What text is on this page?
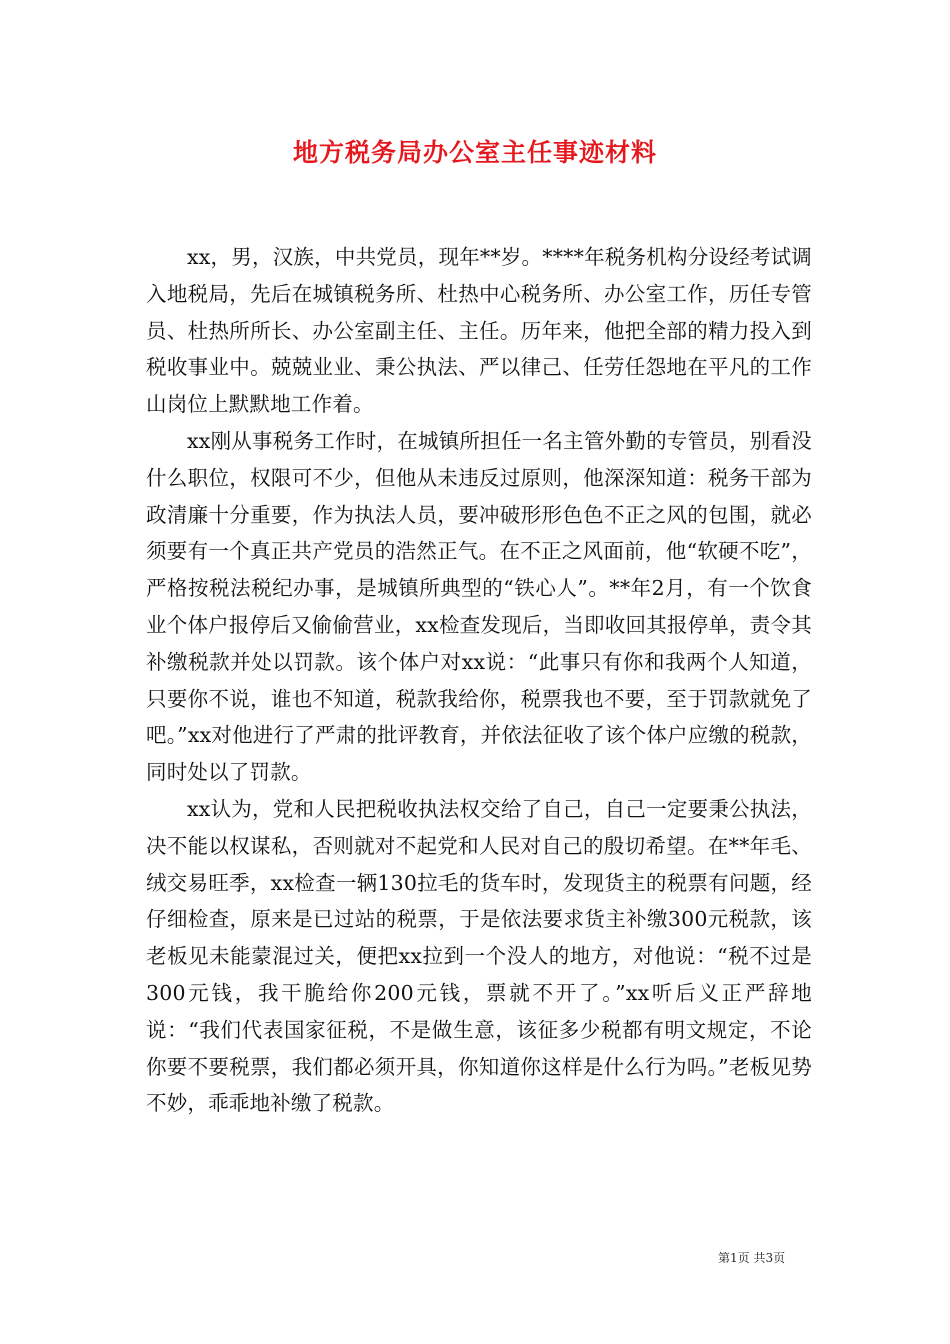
地方税务局办公室主任事迹材料

xx，男，汉族，中共党员，现年**岁。****年税务机构分设经考试调入地税局，先后在城镇税务所、杜热中心税务所、办公室工作，历任专管员、杜热所所长、办公室副主任、主任。历年来，他把全部的精力投入到税收事业中。兢兢业业、秉公执法、严以律己、任劳任怨地在平凡的工作山岗位上默默地工作着。

xx刚从事税务工作时，在城镇所担任一名主管外勤的专管员，别看没什么职位，权限可不少，但他从未违反过原则，他深深知道：税务干部为政清廉十分重要，作为执法人员，要冲破形形色色不正之风的包围，就必须要有一个真正共产党员的浩然正气。在不正之风面前，他“软硬不吃”，严格按税法税纪办事，是城镇所典型的“铁心人”。**年2月，有一个饮食业个体户报停后又偷偷营业，xx检查发现后，当即收回其报停单，责令其补缴税款并处以罚款。该个体户对xx说：“此事只有你和我两个人知道，只要你不说，谁也不知道，税款我给你，税票我也不要，至于罚款就免了吧。”xx对他进行了严肃的批评教育，并依法征收了该个体户应缴的税款，同时处以了罚款。

xx认为，党和人民把税收执法权交给了自己，自己一定要秉公执法，决不能以权谋私，否则就对不起党和人民对自己的殷切希望。在**年毛、绒交易旺季，xx检查一辆130拉毛的货车时，发现货主的税票有问题，经仔细检查，原来是已过站的税票，于是依法要求货主补缴300元税款，该老板见未能蒙混过关，便把xx拉到一个没人的地方，对他说：“税不过是300元钱，我干脆给你200元钱，票就不开了。”xx听后义正严辞地说：“我们代表国家征税，不是做生意，该征多少税都有明文规定，不论你要不要税票，我们都必须开具，你知道你这样是什么行为吗。”老板见势不妙，乖乖地补缴了税款。

第1页 共3页
